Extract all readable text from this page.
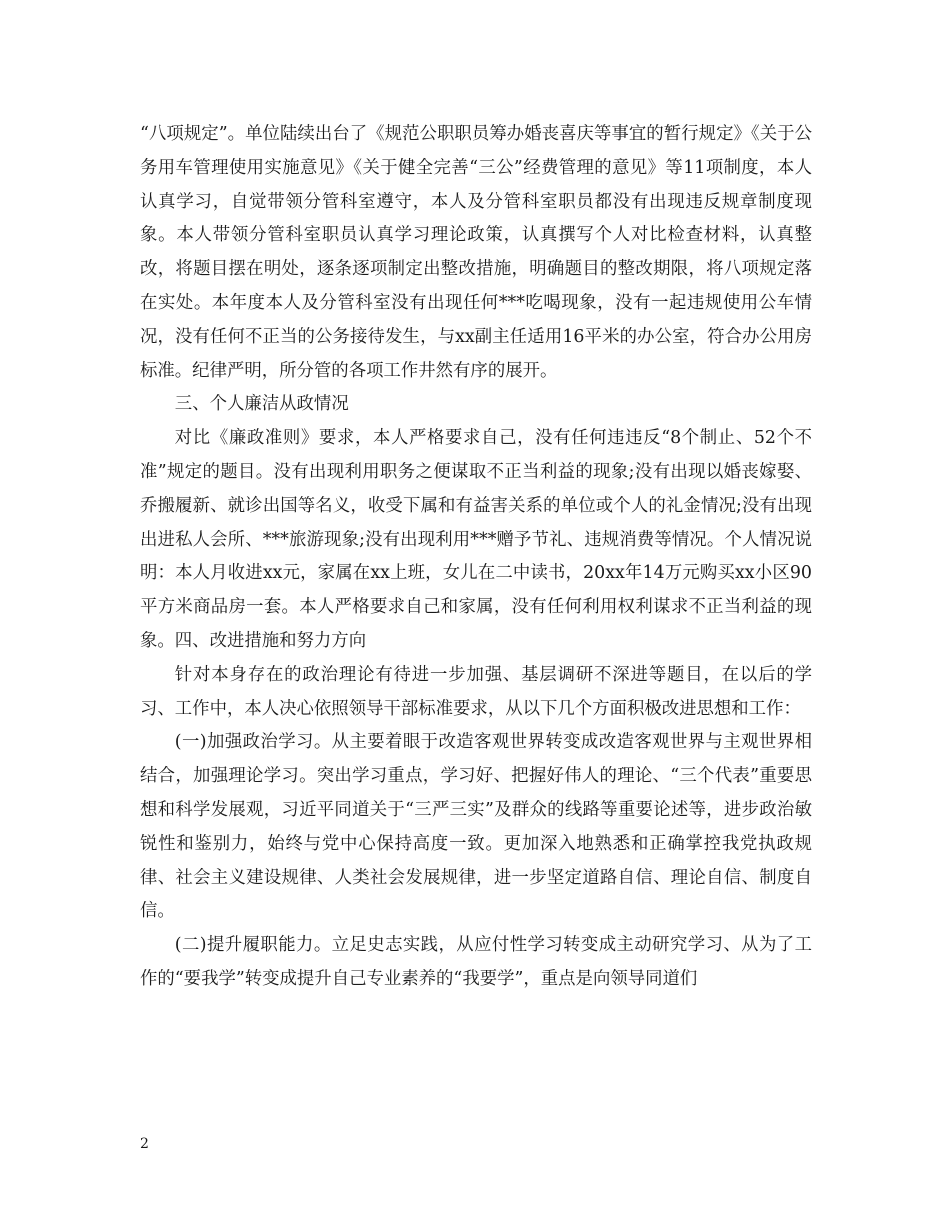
“八项规定”。单位陆续出台了《规范公职职员筹办婚丧喜庆等事宜的暂行规定》《关于公务用车管理使用实施意见》《关于健全完善“三公”经费管理的意见》等11项制度，本人认真学习，自觉带领分管科室遵守，本人及分管科室职员都没有出现违反规章制度现象。本人带领分管科室职员认真学习理论政策，认真撰写个人对比检查材料，认真整改，将题目摆在明处，逐条逐项制定出整改措施，明确题目的整改期限，将八项规定落在实处。本年度本人及分管科室没有出现任何***吃喝现象，没有一起违规使用公车情况，没有任何不正当的公务接待发生，与xx副主任适用16平米的办公室，符合办公用房标准。纪律严明，所分管的各项工作井然有序的展开。

三、个人廉洁从政情况

对比《廉政准则》要求，本人严格要求自己，没有任何违违反“8个制止、52个不准”规定的题目。没有出现利用职务之便谋取不正当利益的现象;没有出现以婚丧嫁娶、乔搬履新、就诊出国等名义，收受下属和有益害关系的单位或个人的礼金情况;没有出现出进私人会所、***旅游现象;没有出现利用***赠予节礼、违规消费等情况。个人情况说明：本人月收进xx元，家属在xx上班，女儿在二中读书，20xx年14万元购买xx小区90平方米商品房一套。本人严格要求自己和家属，没有任何利用权利谋求不正当利益的现象。四、改进措施和努力方向

针对本身存在的政治理论有待进一步加强、基层调研不深进等题目，在以后的学习、工作中，本人决心依照领导干部标准要求，从以下几个方面积极改进思想和工作：

(一)加强政治学习。从主要着眼于改造客观世界转变成改造客观世界与主观世界相结合，加强理论学习。突出学习重点，学习好、把握好伟人的理论、“三个代表”重要思想和科学发展观，习近平同道关于“三严三实”及群众的线路等重要论述等，进步政治敏锐性和鉴别力，始终与党中心保持高度一致。更加深入地熟悉和正确掌控我党执政规律、社会主义建设规律、人类社会发展规律，进一步坚定道路自信、理论自信、制度自信。

(二)提升履职能力。立足史志实践，从应付性学习转变成主动研究学习、从为了工作的“要我学”转变成提升自己专业素养的“我要学”，重点是向领导同道们

2
